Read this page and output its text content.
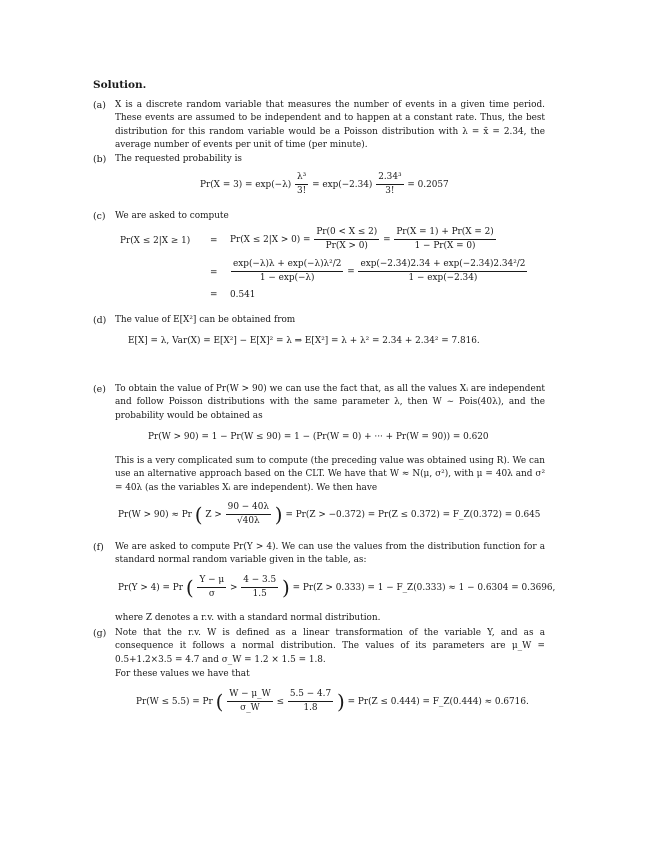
Solution.
(a) X is a discrete random variable that measures the number of events in a given time period. These events are assumed to be independent and to happen at a constant rate. Thus, the best distribution for this random variable would be a Poisson distribution with λ = x̄ = 2.34, the average number of events per unit of time (per minute).
(b) The requested probability is
$Pr(X = 3) = \exp(-\lambda) \frac{\text{λ³}}{3!} = \exp(-2.34) \frac{\text{2.34³}}{3!} = 0.2057$
(c) We are asked to compute
$Pr(X \le 2|X \ge 1) = Pr(X \le 2|X > 0) = \frac{Pr(0 < X \le 2)}{Pr(X > 0)} = \frac{Pr(X = 1) + Pr(X = 2)}{1 - Pr(X = 0)}$
= $\frac{\text{exp(−λ)λ + exp(−λ)λ²/2}}{1 - \exp(-\lambda)} = \frac{\text{exp(−2.34)2.34 + exp(−2.34)2.34²/2}}{1 - \exp(-2.34)}$
= 0.541
(d) The value of E[X²] can be obtained from
E[X] = λ, Var(X) = E[X²] − E[X]² = λ ⇒ E[X²] = λ + λ² = 2.34 + 2.34² = 7.816.
(e) To obtain the value of Pr(W > 90) we can use the fact that, as all the values Xᵢ are independent and follow Poisson distributions with the same parameter λ, then W ∼ Pois(40λ), and the probability would be obtained as
Pr(W > 90) = 1 − Pr(W ≤ 90) = 1 − (Pr(W = 0) + ··· + Pr(W = 90)) = 0.620
This is a very complicated sum to compute (the preceding value was obtained using R). We can use an alternative approach based on the CLT. We have that W ≈ N(μ, σ²), with μ = 40λ and σ² = 40λ (as the variables Xᵢ are independent). We then have
Pr(W > 90) ≈ Pr ( $Z > \frac{90 - 40\lambda}{√40\lambda}$ ) = Pr(Z > −0.372) = Pr(Z ≤ 0.372) = F_Z(0.372) = 0.645
(f) We are asked to compute Pr(Y > 4). We can use the values from the distribution function for a standard normal random variable given in the table, as:
Pr(Y > 4) = Pr ( $\frac{Y - \mu}{\sigma} > \frac{4 - 3.5}{1.5}$ ) = Pr(Z > 0.333) = 1 − F_Z(0.333) ≈ 1 − 0.6304 = 0.3696,
where Z denotes a r.v. with a standard normal distribution.
(g) Note that the r.v. W is defined as a linear transformation of the variable Y, and as a consequence it follows a normal distribution. The values of its parameters are μ_W = 0.5+1.2×3.5 = 4.7 and σ_W = 1.2 × 1.5 = 1.8.
For these values we have that
Pr(W ≤ 5.5) = Pr ( $\frac{W - \mu\_W}{\sigma\_W} \le \frac{5.5 - 4.7}{1.8}$ ) = Pr(Z ≤ 0.444) = F_Z(0.444) ≈ 0.6716.
